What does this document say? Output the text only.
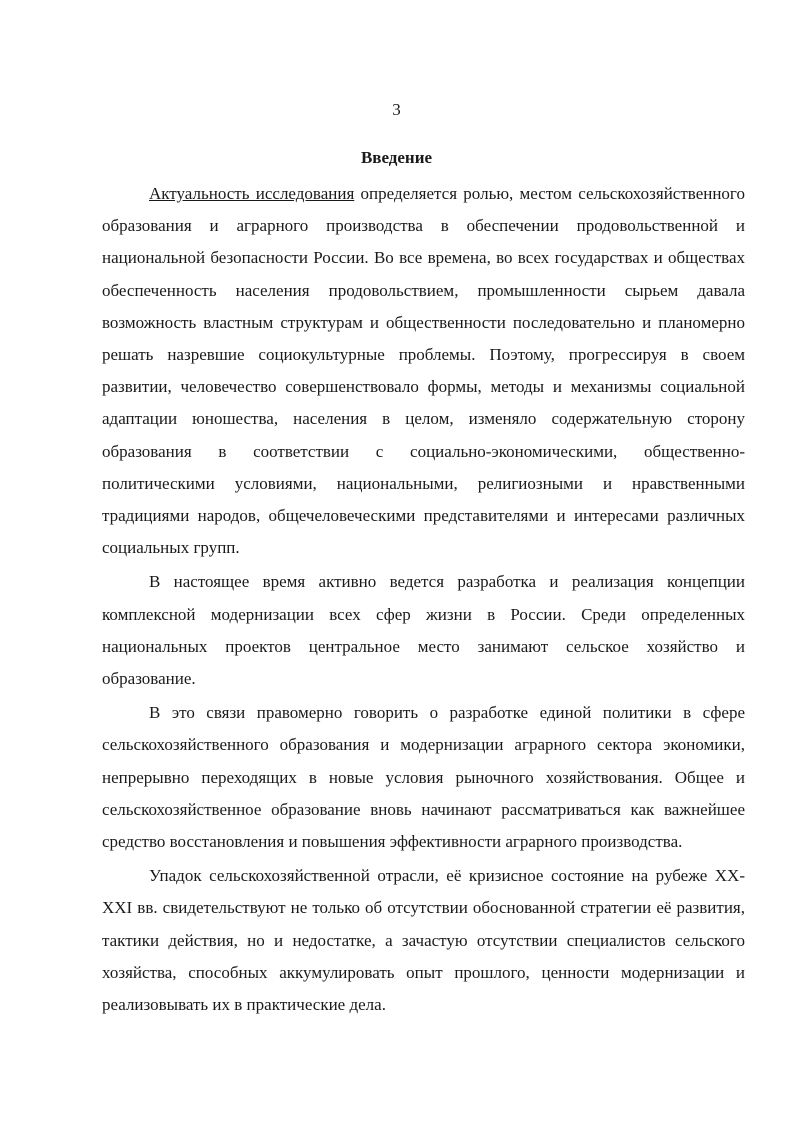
3
Введение

Актуальность исследования определяется ролью, местом сельскохозяйственного образования и аграрного производства в обеспечении продовольственной и национальной безопасности России. Во все времена, во всех государствах и обществах обеспеченность населения продовольствием, промышленности сырьем давала возможность властным структурам и общественности последовательно и планомерно решать назревшие социокультурные проблемы. Поэтому, прогрессируя в своем развитии, человечество совершенствовало формы, методы и механизмы социальной адаптации юношества, населения в целом, изменяло содержательную сторону образования в соответствии с социально-экономическими, общественно-политическими условиями, национальными, религиозными и нравственными традициями народов, общечеловеческими представителями и интересами различных социальных групп.

В настоящее время активно ведется разработка и реализация концепции комплексной модернизации всех сфер жизни в России. Среди определенных национальных проектов центральное место занимают сельское хозяйство и образование.

В это связи правомерно говорить о разработке единой политики в сфере сельскохозяйственного образования и модернизации аграрного сектора экономики, непрерывно переходящих в новые условия рыночного хозяйствования. Общее и сельскохозяйственное образование вновь начинают рассматриваться как важнейшее средство восстановления и повышения эффективности аграрного производства.

Упадок сельскохозяйственной отрасли, её кризисное состояние на рубеже XX-XXI вв. свидетельствуют не только об отсутствии обоснованной стратегии её развития, тактики действия, но и недостатке, а зачастую отсутствии специалистов сельского хозяйства, способных аккумулировать опыт прошлого, ценности модернизации и реализовывать их в практические дела.
